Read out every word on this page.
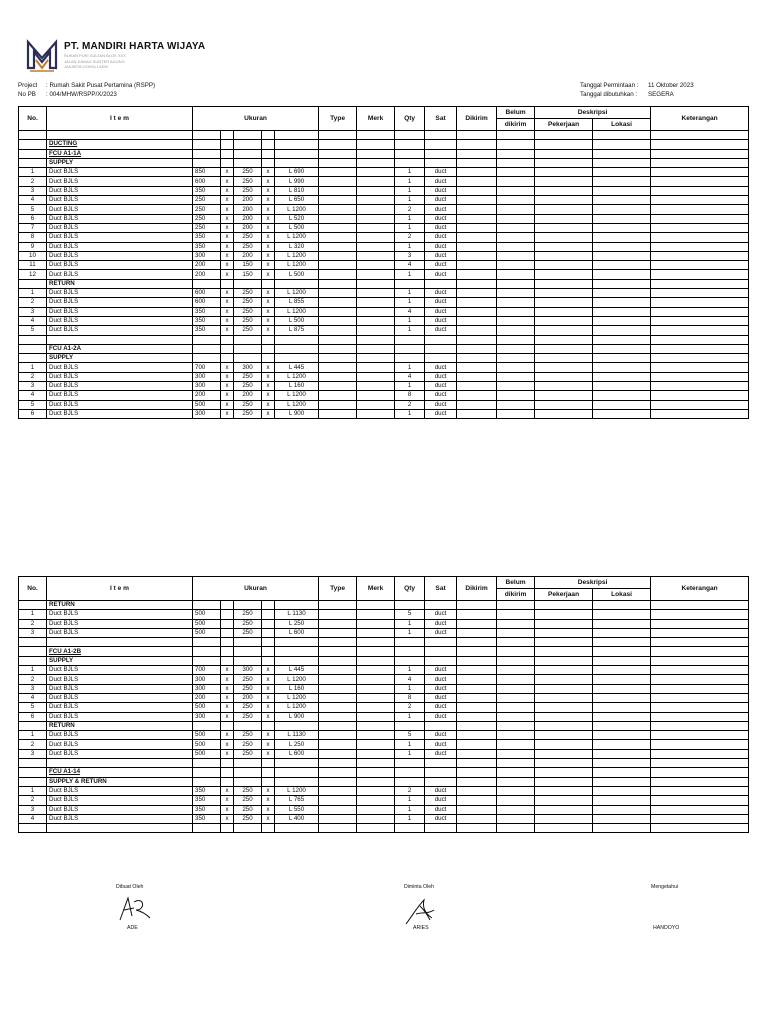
PT. MANDIRI HARTA WIJAYA
RUKAN PURI SULTAN BLOK XXX
JALAN DANAU SUNTER AGUNG
JAKARTA UTARA 14350
Project : Rumah Sakit Pusat Pertamina (RSPP)
No PB : 004/MHW/RSPP/X/2023
Tanggal Permintaan : 11 Oktober 2023
Tanggal dibutuhkan : SEGERA
No.	I t e m	Ukuran					Type	Merk	Qty	Sat	Dikirim	Belum	Deskripsi		Keterangan
												dikirim	Pekerjaan	Lokasi	

	DUCTING														
	FCU A1-1A														
	SUPPLY														
1	Duct BJLS	850	x	250	x	L 690			1	duct					
2	Duct BJLS	600	x	250	x	L 990			1	duct					
3	Duct BJLS	350	x	250	x	L 810			1	duct					
4	Duct BJLS	250	x	200	x	L 650			1	duct					
5	Duct BJLS	250	x	200	x	L 1200			2	duct					
6	Duct BJLS	250	x	200	x	L 520			1	duct					
7	Duct BJLS	250	x	200	x	L 500			1	duct					
8	Duct BJLS	350	x	250	x	L 1200			2	duct					
9	Duct BJLS	350	x	250	x	L 320			1	duct					
10	Duct BJLS	300	x	200	x	L 1200			3	duct					
11	Duct BJLS	200	x	150	x	L 1200			4	duct					
12	Duct BJLS	200	x	150	x	L 500			1	duct					
	RETURN														
1	Duct BJLS	600	x	250	x	L 1200			1	duct					
2	Duct BJLS	600	x	250	x	L 855			1	duct					
3	Duct BJLS	350	x	250	x	L 1200			4	duct					
4	Duct BJLS	350	x	250	x	L 500			1	duct					
5	Duct BJLS	350	x	250	x	L 875			1	duct					

	FCU A1-2A														
	SUPPLY														
1	Duct BJLS	700	x	300	x	L 445			1	duct					
2	Duct BJLS	300	x	250	x	L 1200			4	duct					
3	Duct BJLS	300	x	250	x	L 160			1	duct					
4	Duct BJLS	200	x	200	x	L 1200			8	duct					
5	Duct BJLS	500	x	250	x	L 1200			2	duct					
6	Duct BJLS	300	x	250	x	L 900			1	duct					
No.	I t e m	Ukuran					Type	Merk	Qty	Sat	Dikirim	Belum	Deskripsi		Keterangan
												dikirim	Pekerjaan	Lokasi	
	RETURN														
1	Duct BJLS	500		250		L 1130			5	duct					
2	Duct BJLS	500		250		L 250			1	duct					
3	Duct BJLS	500		250		L 600			1	duct					

	FCU A1-2B														
	SUPPLY														
1	Duct BJLS	700	x	300	x	L 445			1	duct					
2	Duct BJLS	300	x	250	x	L 1200			4	duct					
3	Duct BJLS	300	x	250	x	L 160			1	duct					
4	Duct BJLS	200	x	200	x	L 1200			8	duct					
5	Duct BJLS	500	x	250	x	L 1200			2	duct					
6	Duct BJLS	300	x	250	x	L 900			1	duct					
	RETURN														
1	Duct BJLS	500	x	250	x	L 1130			5	duct					
2	Duct BJLS	500	x	250	x	L 250			1	duct					
3	Duct BJLS	500	x	250	x	L 600			1	duct					

	FCU A1-14														
	SUPPLY & RETURN														
1	Duct BJLS	350	x	250	x	L 1200			2	duct					
2	Duct BJLS	350	x	250	x	L 765			1	duct					
3	Duct BJLS	350	x	250	x	L 550			1	duct					
4	Duct BJLS	350	x	250	x	L 400			1	duct					

Dibuat Oleh
ADE
Diminta Oleh
ARIES
Mengetahui
HANDOYO
